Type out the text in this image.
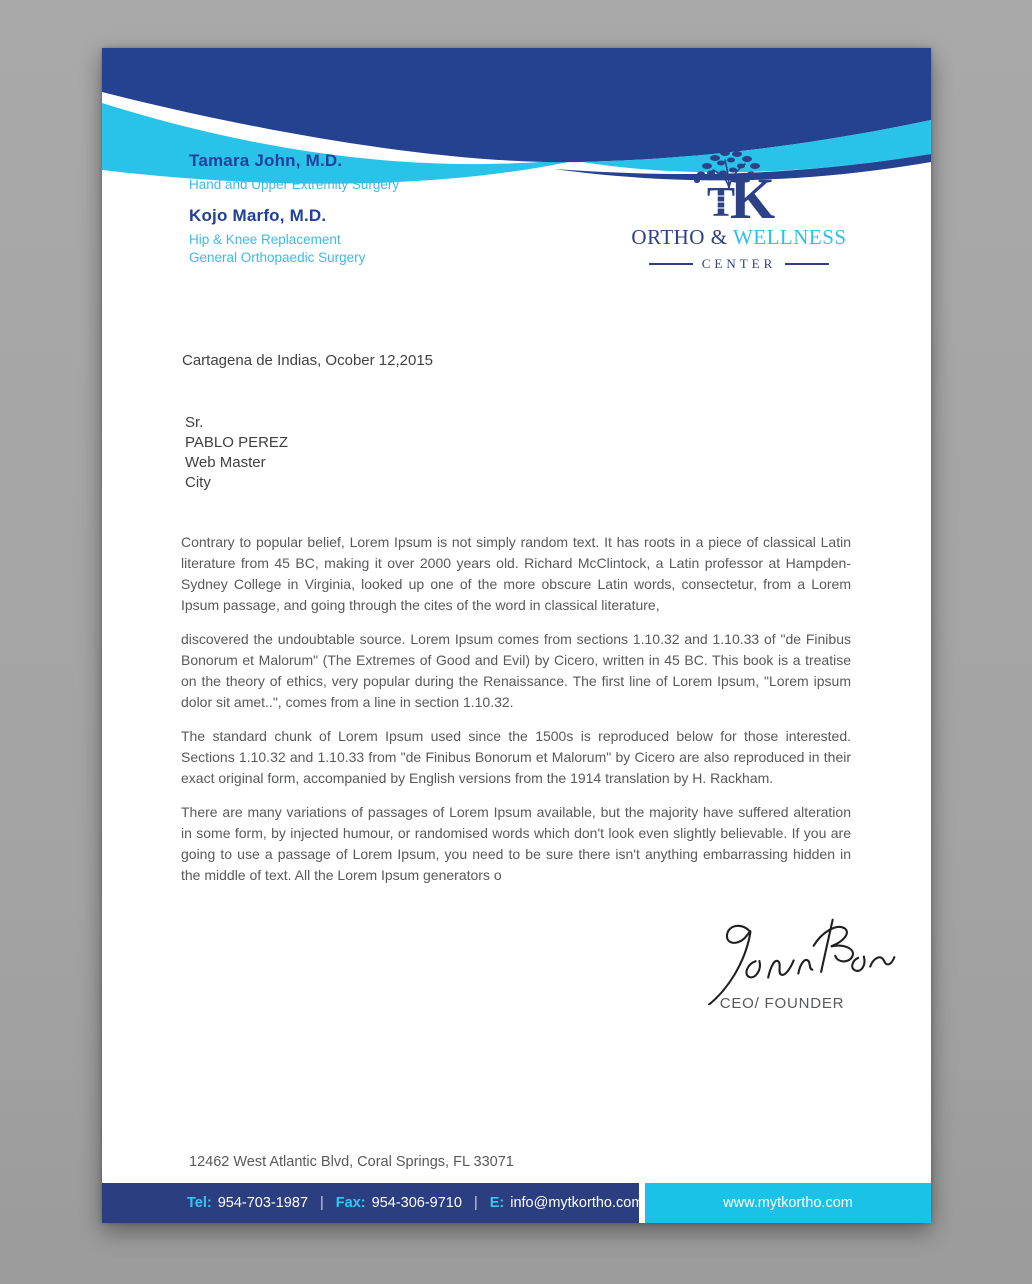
Tamara John, M.D.
Hand and Upper Extremity Surgery
Kojo Marfo, M.D.
Hip & Knee Replacement
General Orthopaedic Surgery
T
K
ORTHO & WELLNESS
CENTER
Cartagena de Indias, Ocober 12,2015
Sr.
PABLO PEREZ
Web Master
City

Contrary to popular belief, Lorem Ipsum is not simply random text. It has roots in a piece of classical Latin literature from 45 BC, making it over 2000 years old. Richard McClintock, a Latin professor at Hampden-Sydney College in Virginia, looked up one of the more obscure Latin words, consectetur, from a Lorem Ipsum passage, and going through the cites of the word in classical literature,

discovered the undoubtable source. Lorem Ipsum comes from sections 1.10.32 and 1.10.33 of "de Finibus Bonorum et Malorum" (The Extremes of Good and Evil) by Cicero, written in 45 BC. This book is a treatise on the theory of ethics, very popular during the Renaissance. The first line of Lorem Ipsum, "Lorem ipsum dolor sit amet..", comes from a line in section 1.10.32.

The standard chunk of Lorem Ipsum used since the 1500s is reproduced below for those interested. Sections 1.10.32 and 1.10.33 from "de Finibus Bonorum et Malorum" by Cicero are also reproduced in their exact original form, accompanied by English versions from the 1914 translation by H. Rackham.

There are many variations of passages of Lorem Ipsum available, but the majority have suffered alteration in some form, by injected humour, or randomised words which don't look even slightly believable. If you are going to use a passage of Lorem Ipsum, you need to be sure there isn't anything embarrassing hidden in the middle of text. All the Lorem Ipsum generators o

CEO/ FOUNDER
12462 West Atlantic Blvd, Coral Springs, FL 33071
Tel: 954-703-1987 | Fax: 954-306-9710 | E: info@mytkortho.com	www.mytkortho.com
